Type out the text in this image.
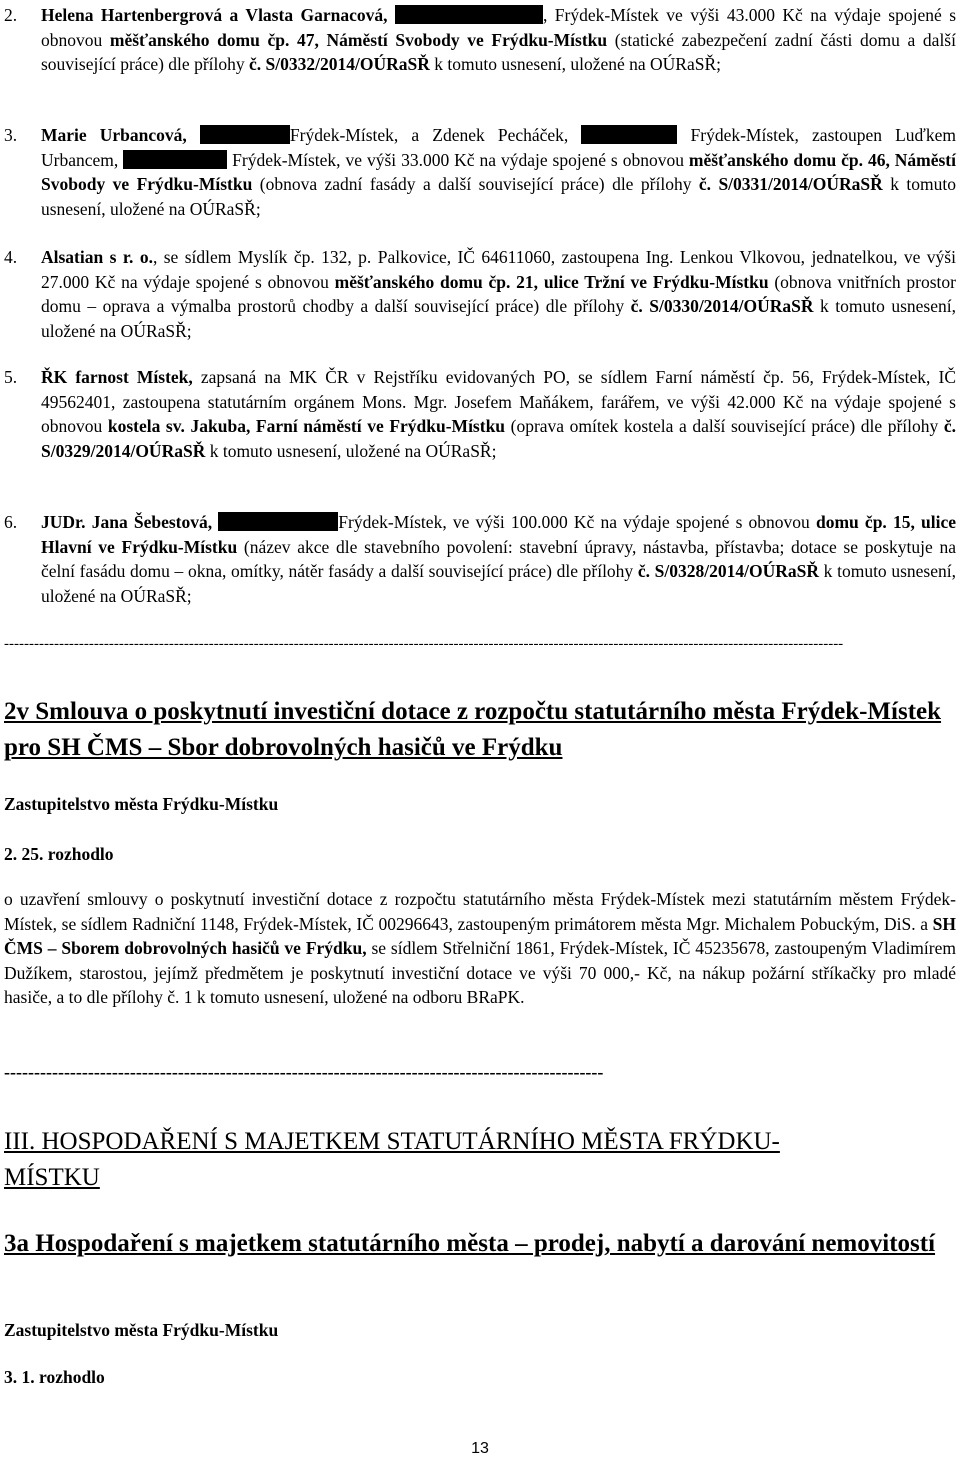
2. Helena Hartenbergrová a Vlasta Garnacová,	, Frýdek-Místek ve výši 43.000 Kč na výdaje spojené s obnovou měšťanského domu čp. 47, Náměstí Svobody ve Frýdku-Místku (statické zabezpečení zadní části domu a další související práce) dle přílohy č. S/0332/2014/OÚRaSŘ k tomuto usnesení, uložené na OÚRaSŘ;
3. Marie Urbancová,	Frýdek-Místek, a Zdenek Pecháček,	Frýdek-Místek, zastoupen Luďkem Urbancem,	Frýdek-Místek, ve výši 33.000 Kč na výdaje spojené s obnovou měšťanského domu čp. 46, Náměstí Svobody ve Frýdku-Místku (obnova zadní fasády a další související práce) dle přílohy č. S/0331/2014/OÚRaSŘ k tomuto usnesení, uložené na OÚRaSŘ;
4. Alsatian s r. o., se sídlem Myslík čp. 132, p. Palkovice, IČ 64611060, zastoupena Ing. Lenkou Vlkovou, jednatelkou, ve výši 27.000 Kč na výdaje spojené s obnovou měšťanského domu čp. 21, ulice Tržní ve Frýdku-Místku (obnova vnitřních prostor domu – oprava a výmalba prostorů chodby a další související práce) dle přílohy č. S/0330/2014/OÚRaSŘ k tomuto usnesení, uložené na OÚRaSŘ;
5. ŘK farnost Místek, zapsaná na MK ČR v Rejstříku evidovaných PO, se sídlem Farní náměstí čp. 56, Frýdek-Místek, IČ 49562401, zastoupena statutárním orgánem Mons. Mgr. Josefem Maňákem, farářem, ve výši 42.000 Kč na výdaje spojené s obnovou kostela sv. Jakuba, Farní náměstí ve Frýdku-Místku (oprava omítek kostela a další související práce) dle přílohy č. S/0329/2014/OÚRaSŘ k tomuto usnesení, uložené na OÚRaSŘ;
6. JUDr. Jana Šebestová,	Frýdek-Místek, ve výši 100.000 Kč na výdaje spojené s obnovou domu čp. 15, ulice Hlavní ve Frýdku-Místku (název akce dle stavebního povolení: stavební úpravy, nástavba, přístavba; dotace se poskytuje na čelní fasádu domu – okna, omítky, nátěr fasády a další související práce) dle přílohy č. S/0328/2014/OÚRaSŘ k tomuto usnesení, uložené na OÚRaSŘ;
------------------------------------------------------------------------------------------------------------------------------------------------------------------------
2v Smlouva o poskytnutí investiční dotace z rozpočtu statutárního města Frýdek-Místek pro SH ČMS – Sbor dobrovolných hasičů ve Frýdku
Zastupitelstvo města Frýdku-Místku
2. 25. rozhodlo
o uzavření smlouvy o poskytnutí investiční dotace z rozpočtu statutárního města Frýdek-Místek mezi statutárním městem Frýdek-Místek, se sídlem Radniční 1148, Frýdek-Místek, IČ 00296643, zastoupeným primátorem města Mgr. Michalem Pobuckým, DiS. a SH ČMS – Sborem dobrovolných hasičů ve Frýdku, se sídlem Střelniční 1861, Frýdek-Místek, IČ 45235678, zastoupeným Vladimírem Dužíkem, starostou, jejímž předmětem je poskytnutí investiční dotace ve výši 70 000,- Kč, na nákup požární stříkačky pro mladé hasiče, a to dle přílohy č. 1 k tomuto usnesení, uložené na odboru BRaPK.
----------------------------------------------------------------------------------------------------
III. HOSPODAŘENÍ S MAJETKEM STATUTÁRNÍHO MĚSTA FRÝDKU-MÍSTKU
3a Hospodaření s majetkem statutárního města – prodej, nabytí a darování nemovitostí
Zastupitelstvo města Frýdku-Místku
3. 1. rozhodlo
13
